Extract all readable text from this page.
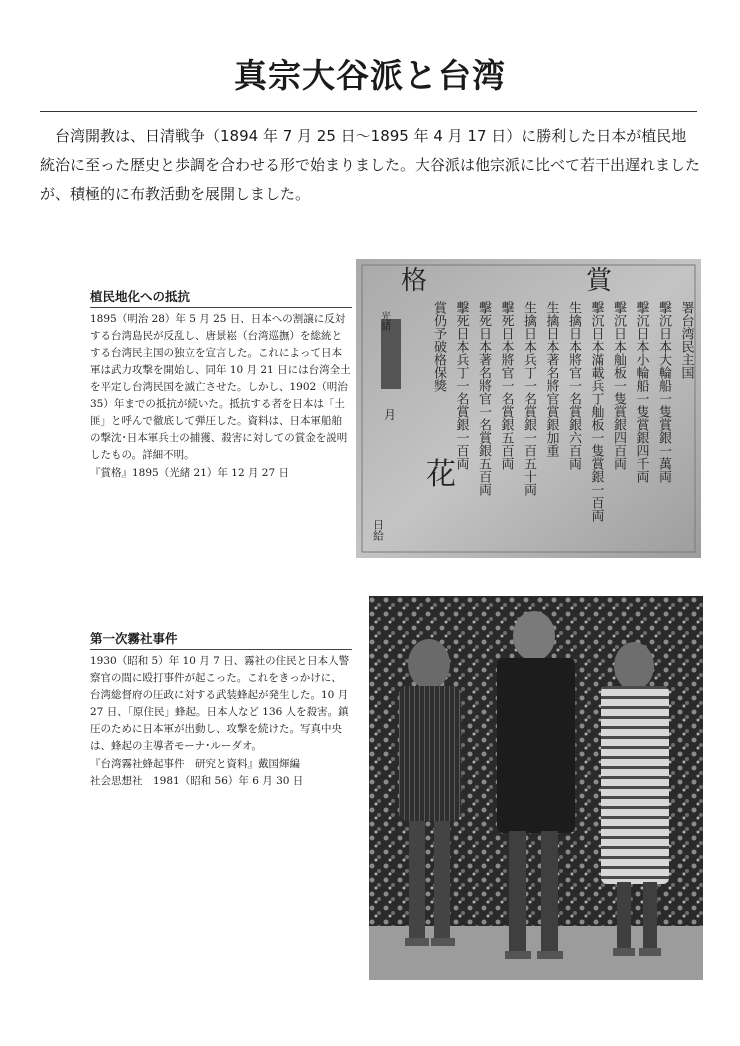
真宗大谷派と台湾
台湾開教は、日清戦争（1894 年 7 月 25 日〜1895 年 4 月 17 日）に勝利した日本が植民地統治に至った歴史と歩調を合わせる形で始まりました。大谷派は他宗派に比べて若干出遅れましたが、積極的に布教活動を展開しました。
植民地化への抵抗

1895（明治 28）年 5 月 25 日、日本への割譲に反対する台湾島民が反乱し、唐景崧（台湾巡撫）を総統とする台湾民主国の独立を宣言した。これによって日本軍は武力攻撃を開始し、同年 10 月 21 日には台湾全土を平定し台湾民国を滅亡させた。しかし、1902（明治 35）年までの抵抗が続いた。抵抗する者を日本は「土匪」と呼んで徹底して弾圧した。資料は、日本軍船舶の撃沈･日本軍兵士の捕獲、殺害に対しての賞金を説明したもの。詳細不明。

『賞格』1895（光緒 21）年 12 月 27 日

格	賞
署台湾民主国
擊沉日本大輪船一隻賞銀一萬両
擊沉日本小輪船一隻賞銀四千両
擊沉日本舢板一隻賞銀四百両
擊沉日本滿載兵丁舢板一隻賞銀一百両
生擒日本將官一名賞銀六百両
生擒日本著名將官賞銀加重
生擒日本兵丁一名賞銀一百五十両
擊死日本將官一名賞銀五百両
擊死日本著名將官一名賞銀五百両
擊死日本兵丁一名賞銀一百両
賞仍予破格保獎
光緒
月
花
日給
第一次霧社事件

1930（昭和 5）年 10 月 7 日、霧社の住民と日本人警察官の間に殴打事件が起こった。これをきっかけに、台湾総督府の圧政に対する武装蜂起が発生した。10 月 27 日、「原住民」蜂起。日本人など 136 人を殺害。鎮圧のために日本軍が出動し、攻撃を続けた。写真中央は、蜂起の主導者モーナ･ルーダオ。

『台湾霧社蜂起事件　研究と資料』戴国煇編

社会思想社　1981（昭和 56）年 6 月 30 日
